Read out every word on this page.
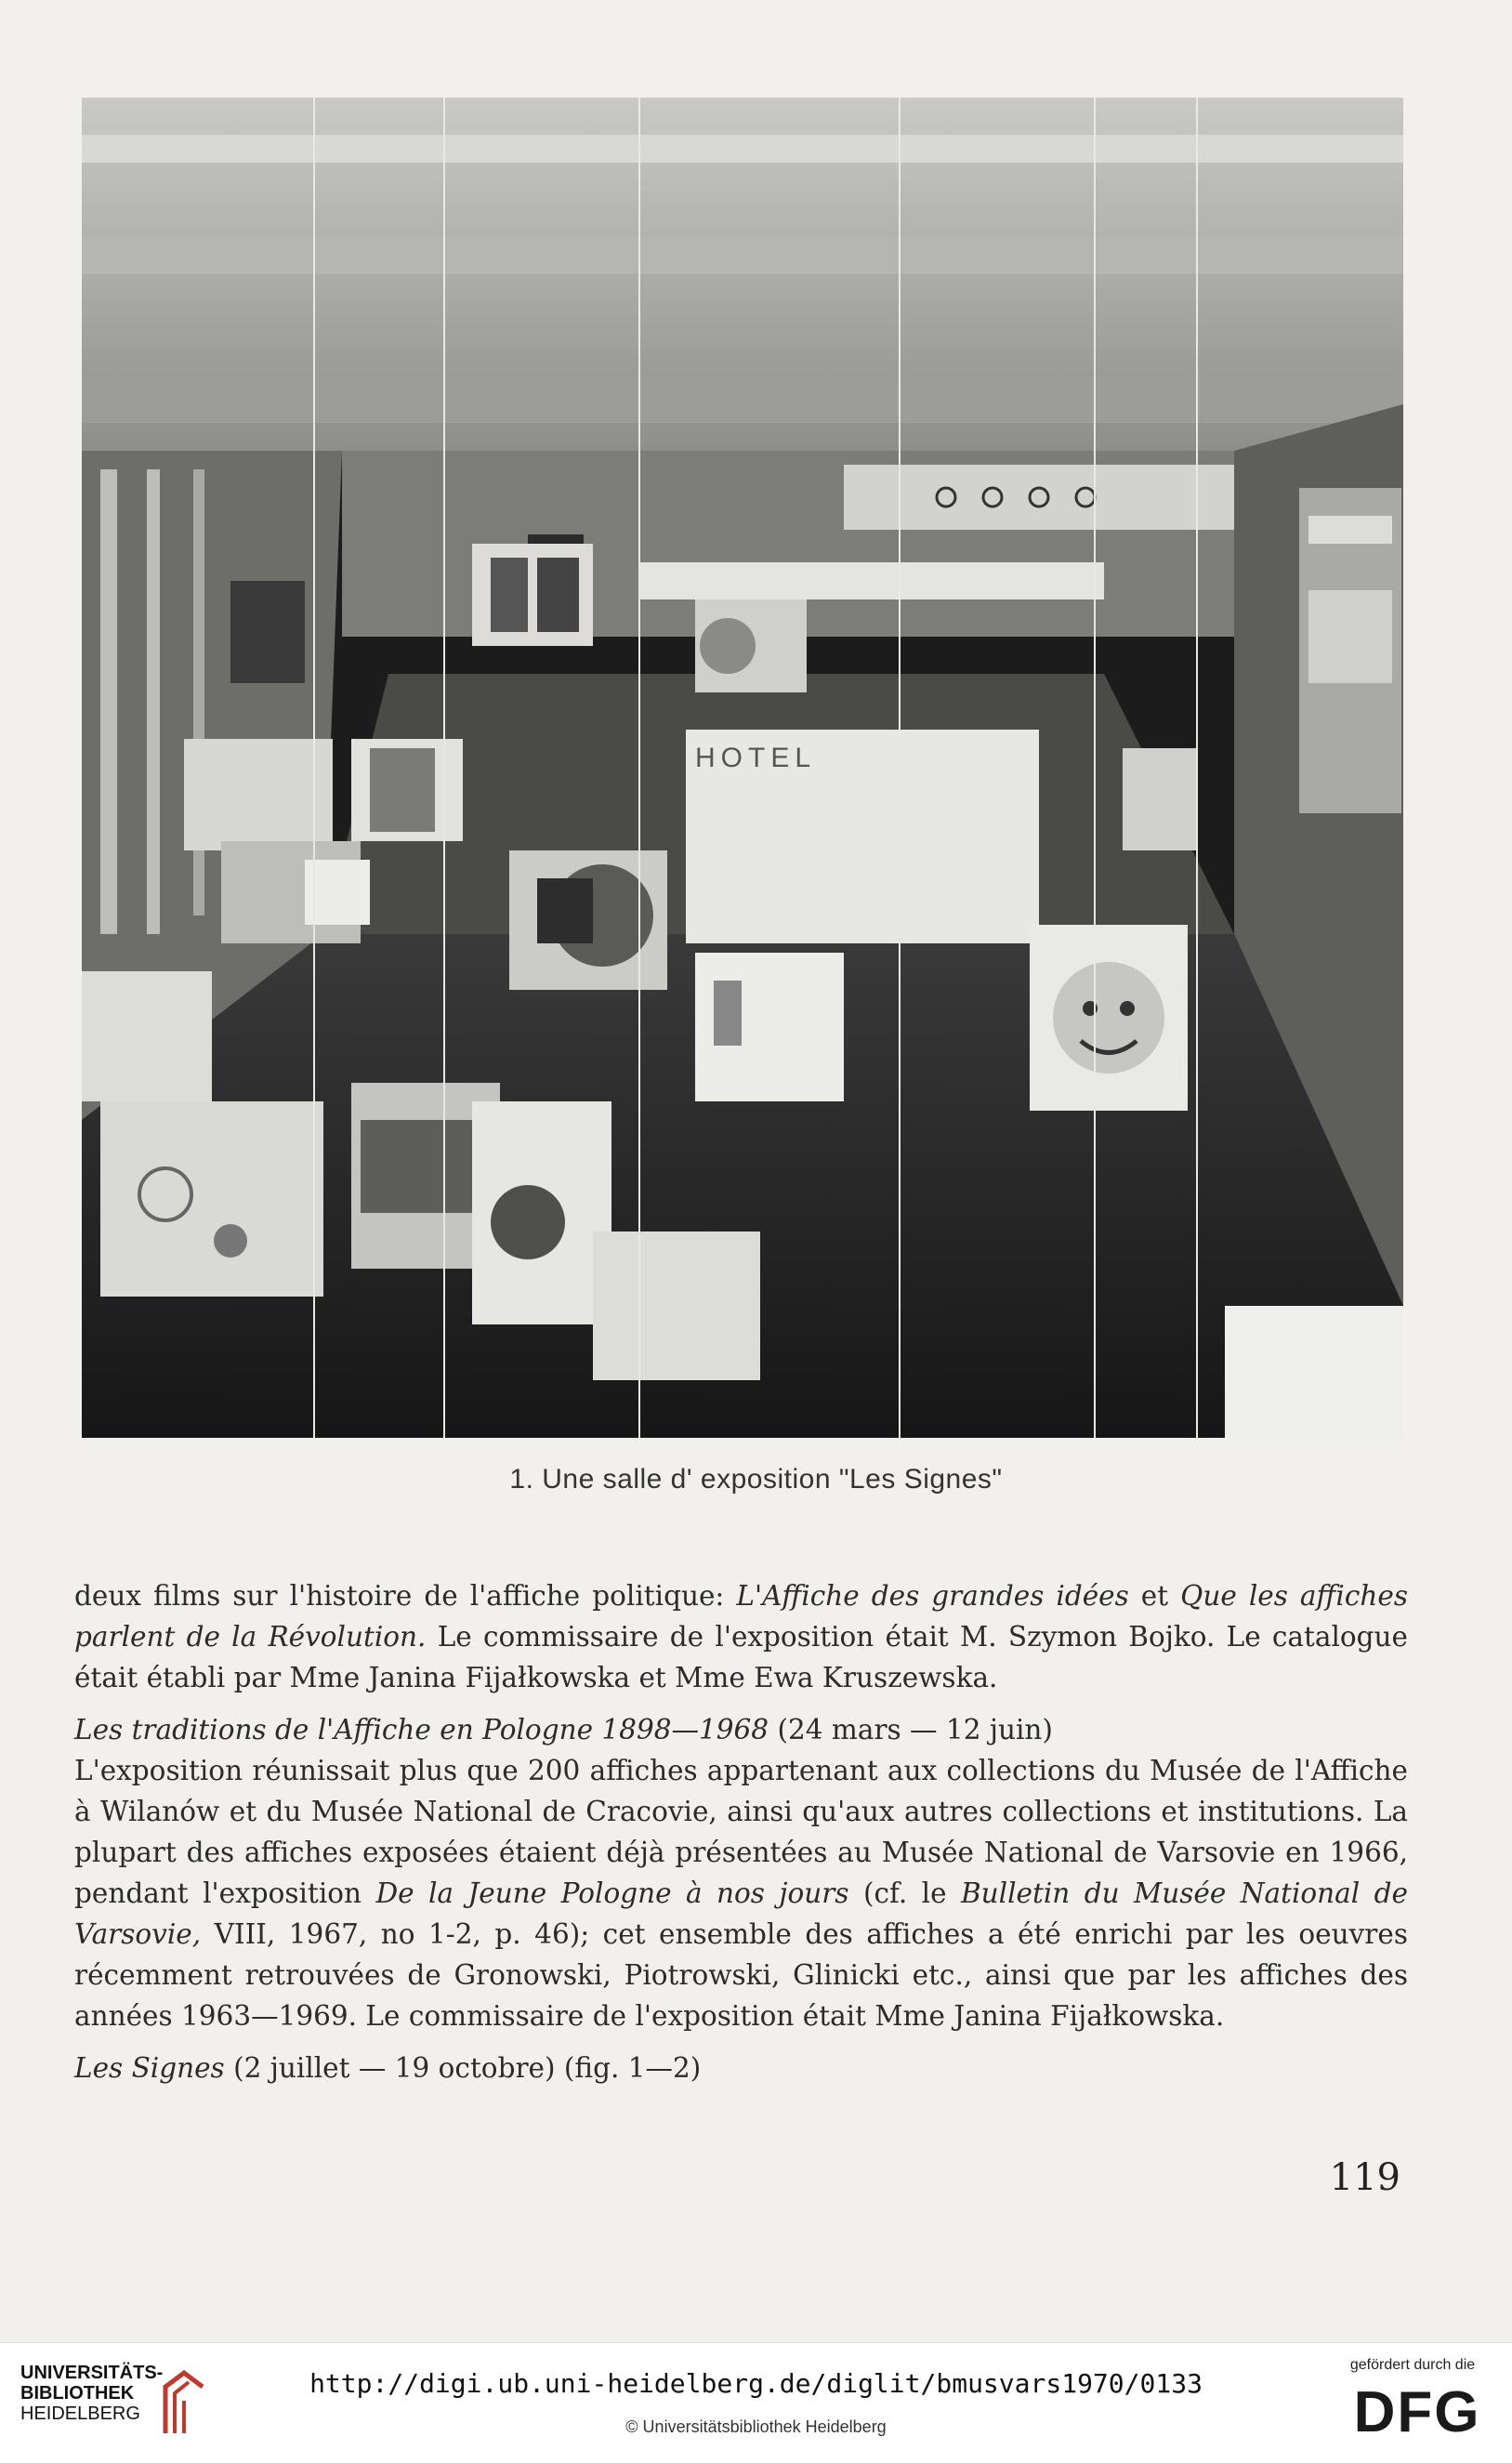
HOTEL
1. Une salle d' exposition "Les Signes"

deux films sur l'histoire de l'affiche politique: L'Affiche des grandes idées et Que les affiches parlent de la Révolution. Le commissaire de l'exposition était M. Szymon Bojko. Le catalogue était établi par Mme Janina Fijałkowska et Mme Ewa Kruszewska.

Les traditions de l'Affiche en Pologne 1898—1968 (24 mars — 12 juin)

L'exposition réunissait plus que 200 affiches appartenant aux collections du Musée de l'Affiche à Wilanów et du Musée National de Cracovie, ainsi qu'aux autres collections et institutions. La plupart des affiches exposées étaient déjà présentées au Musée National de Varsovie en 1966, pendant l'exposition De la Jeune Pologne à nos jours (cf. le Bulletin du Musée National de Varsovie, VIII, 1967, no 1-2, p. 46); cet ensemble des affiches a été enrichi par les oeuvres récemment retrouvées de Gronowski, Piotrowski, Glinicki etc., ainsi que par les affiches des années 1963—1969. Le commissaire de l'exposition était Mme Janina Fijałkowska.

Les Signes (2 juillet — 19 octobre) (fig. 1—2)

119
UNIVERSITÄTS-
BIBLIOTHEK
HEIDELBERG
http://digi.ub.uni-heidelberg.de/diglit/bmusvars1970/0133
© Universitätsbibliothek Heidelberg
gefördert durch die
DFG
